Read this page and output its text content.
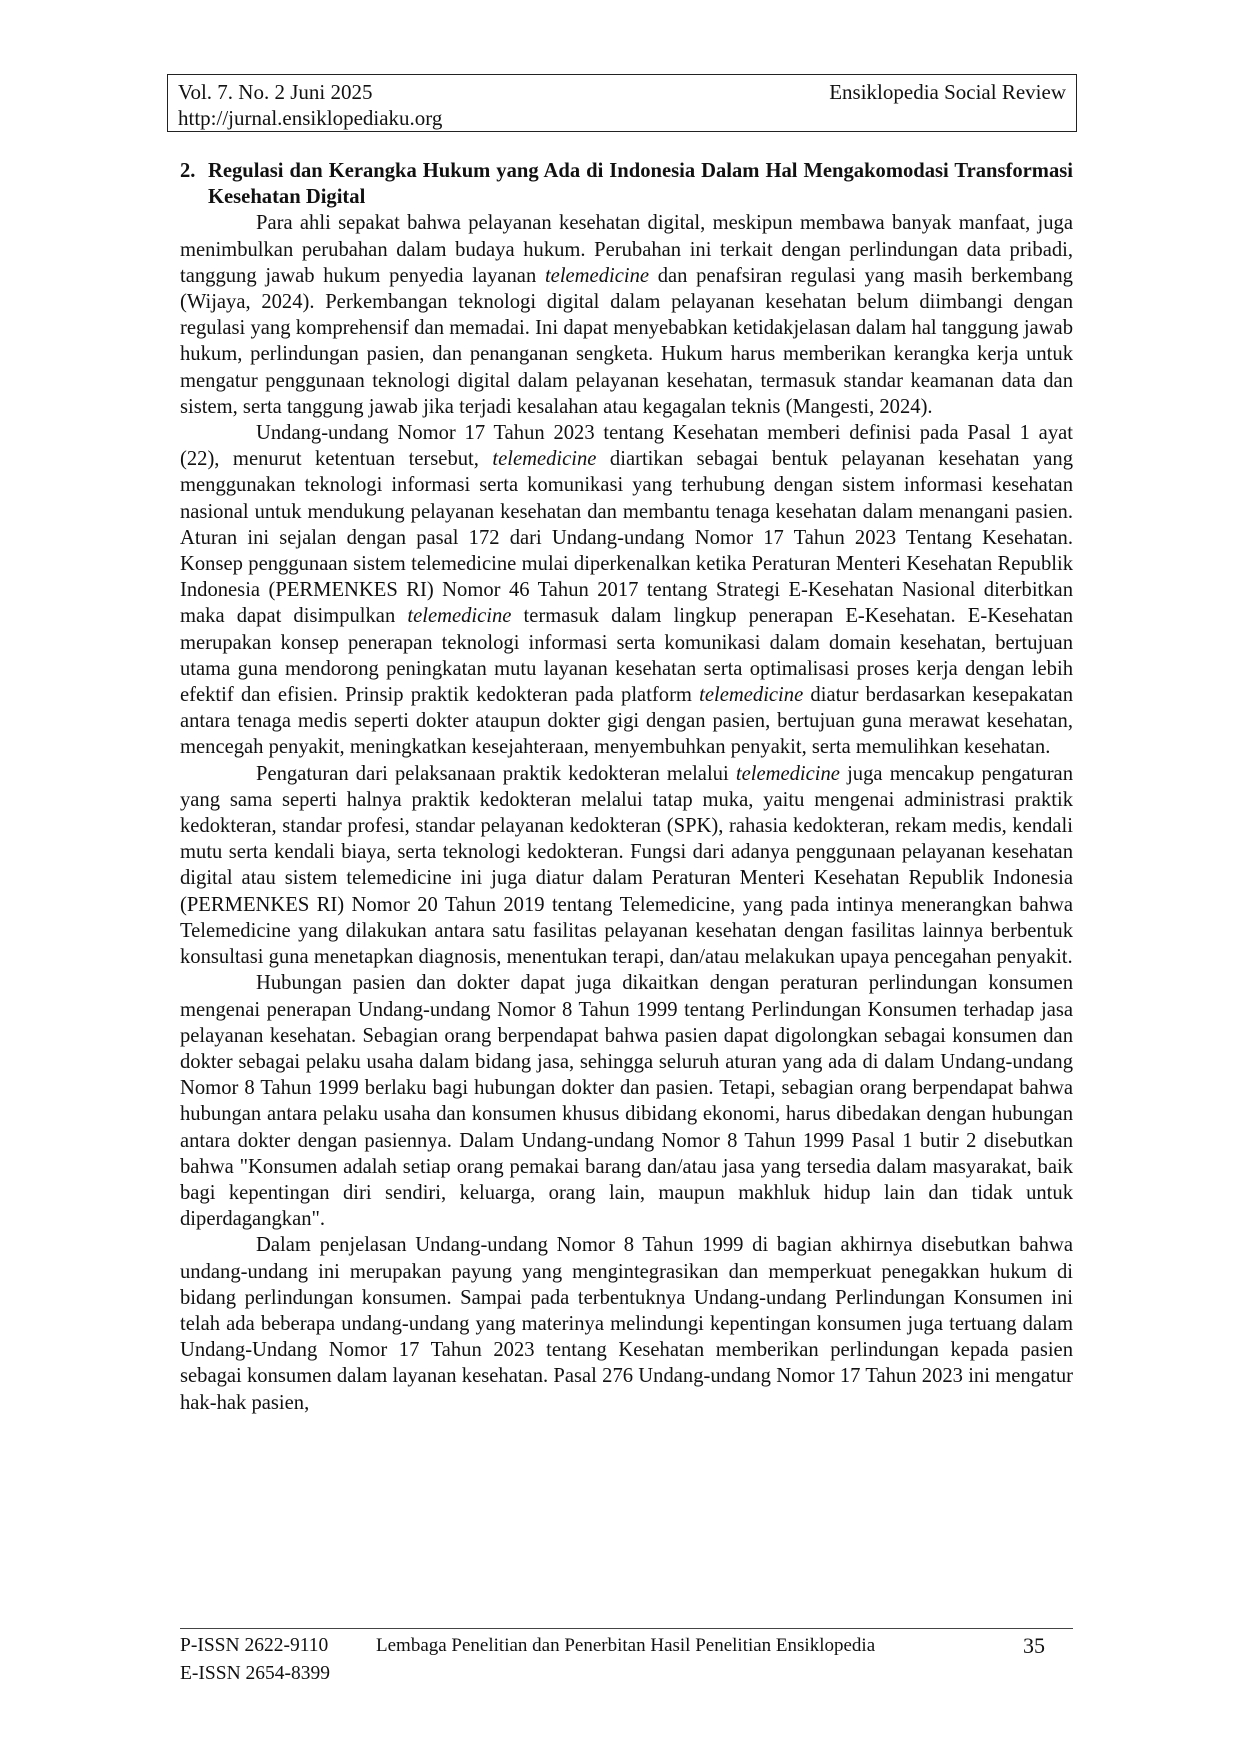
Vol. 7. No. 2 Juni 2025	Ensiklopedia Social Review
http://jurnal.ensiklopediaku.org
2. Regulasi dan Kerangka Hukum yang Ada di Indonesia Dalam Hal Mengakomodasi Transformasi Kesehatan Digital

Para ahli sepakat bahwa pelayanan kesehatan digital, meskipun membawa banyak manfaat, juga menimbulkan perubahan dalam budaya hukum. Perubahan ini terkait dengan perlindungan data pribadi, tanggung jawab hukum penyedia layanan telemedicine dan penafsiran regulasi yang masih berkembang (Wijaya, 2024). Perkembangan teknologi digital dalam pelayanan kesehatan belum diimbangi dengan regulasi yang komprehensif dan memadai. Ini dapat menyebabkan ketidakjelasan dalam hal tanggung jawab hukum, perlindungan pasien, dan penanganan sengketa. Hukum harus memberikan kerangka kerja untuk mengatur penggunaan teknologi digital dalam pelayanan kesehatan, termasuk standar keamanan data dan sistem, serta tanggung jawab jika terjadi kesalahan atau kegagalan teknis (Mangesti, 2024).

Undang-undang Nomor 17 Tahun 2023 tentang Kesehatan memberi definisi pada Pasal 1 ayat (22), menurut ketentuan tersebut, telemedicine diartikan sebagai bentuk pelayanan kesehatan yang menggunakan teknologi informasi serta komunikasi yang terhubung dengan sistem informasi kesehatan nasional untuk mendukung pelayanan kesehatan dan membantu tenaga kesehatan dalam menangani pasien. Aturan ini sejalan dengan pasal 172 dari Undang-undang Nomor 17 Tahun 2023 Tentang Kesehatan. Konsep penggunaan sistem telemedicine mulai diperkenalkan ketika Peraturan Menteri Kesehatan Republik Indonesia (PERMENKES RI) Nomor 46 Tahun 2017 tentang Strategi E-Kesehatan Nasional diterbitkan maka dapat disimpulkan telemedicine termasuk dalam lingkup penerapan E-Kesehatan. E-Kesehatan merupakan konsep penerapan teknologi informasi serta komunikasi dalam domain kesehatan, bertujuan utama guna mendorong peningkatan mutu layanan kesehatan serta optimalisasi proses kerja dengan lebih efektif dan efisien. Prinsip praktik kedokteran pada platform telemedicine diatur berdasarkan kesepakatan antara tenaga medis seperti dokter ataupun dokter gigi dengan pasien, bertujuan guna merawat kesehatan, mencegah penyakit, meningkatkan kesejahteraan, menyembuhkan penyakit, serta memulihkan kesehatan.

Pengaturan dari pelaksanaan praktik kedokteran melalui telemedicine juga mencakup pengaturan yang sama seperti halnya praktik kedokteran melalui tatap muka, yaitu mengenai administrasi praktik kedokteran, standar profesi, standar pelayanan kedokteran (SPK), rahasia kedokteran, rekam medis, kendali mutu serta kendali biaya, serta teknologi kedokteran. Fungsi dari adanya penggunaan pelayanan kesehatan digital atau sistem telemedicine ini juga diatur dalam Peraturan Menteri Kesehatan Republik Indonesia (PERMENKES RI) Nomor 20 Tahun 2019 tentang Telemedicine, yang pada intinya menerangkan bahwa Telemedicine yang dilakukan antara satu fasilitas pelayanan kesehatan dengan fasilitas lainnya berbentuk konsultasi guna menetapkan diagnosis, menentukan terapi, dan/atau melakukan upaya pencegahan penyakit.

Hubungan pasien dan dokter dapat juga dikaitkan dengan peraturan perlindungan konsumen mengenai penerapan Undang-undang Nomor 8 Tahun 1999 tentang Perlindungan Konsumen terhadap jasa pelayanan kesehatan. Sebagian orang berpendapat bahwa pasien dapat digolongkan sebagai konsumen dan dokter sebagai pelaku usaha dalam bidang jasa, sehingga seluruh aturan yang ada di dalam Undang-undang Nomor 8 Tahun 1999 berlaku bagi hubungan dokter dan pasien. Tetapi, sebagian orang berpendapat bahwa hubungan antara pelaku usaha dan konsumen khusus dibidang ekonomi, harus dibedakan dengan hubungan antara dokter dengan pasiennya. Dalam Undang-undang Nomor 8 Tahun 1999 Pasal 1 butir 2 disebutkan bahwa "Konsumen adalah setiap orang pemakai barang dan/atau jasa yang tersedia dalam masyarakat, baik bagi kepentingan diri sendiri, keluarga, orang lain, maupun makhluk hidup lain dan tidak untuk diperdagangkan".

Dalam penjelasan Undang-undang Nomor 8 Tahun 1999 di bagian akhirnya disebutkan bahwa undang-undang ini merupakan payung yang mengintegrasikan dan memperkuat penegakkan hukum di bidang perlindungan konsumen. Sampai pada terbentuknya Undang-undang Perlindungan Konsumen ini telah ada beberapa undang-undang yang materinya melindungi kepentingan konsumen juga tertuang dalam Undang-Undang Nomor 17 Tahun 2023 tentang Kesehatan memberikan perlindungan kepada pasien sebagai konsumen dalam layanan kesehatan. Pasal 276 Undang-undang Nomor 17 Tahun 2023 ini mengatur hak-hak pasien,

P-ISSN 2622-9110
E-ISSN 2654-8399
Lembaga Penelitian dan Penerbitan Hasil Penelitian Ensiklopedia	35
